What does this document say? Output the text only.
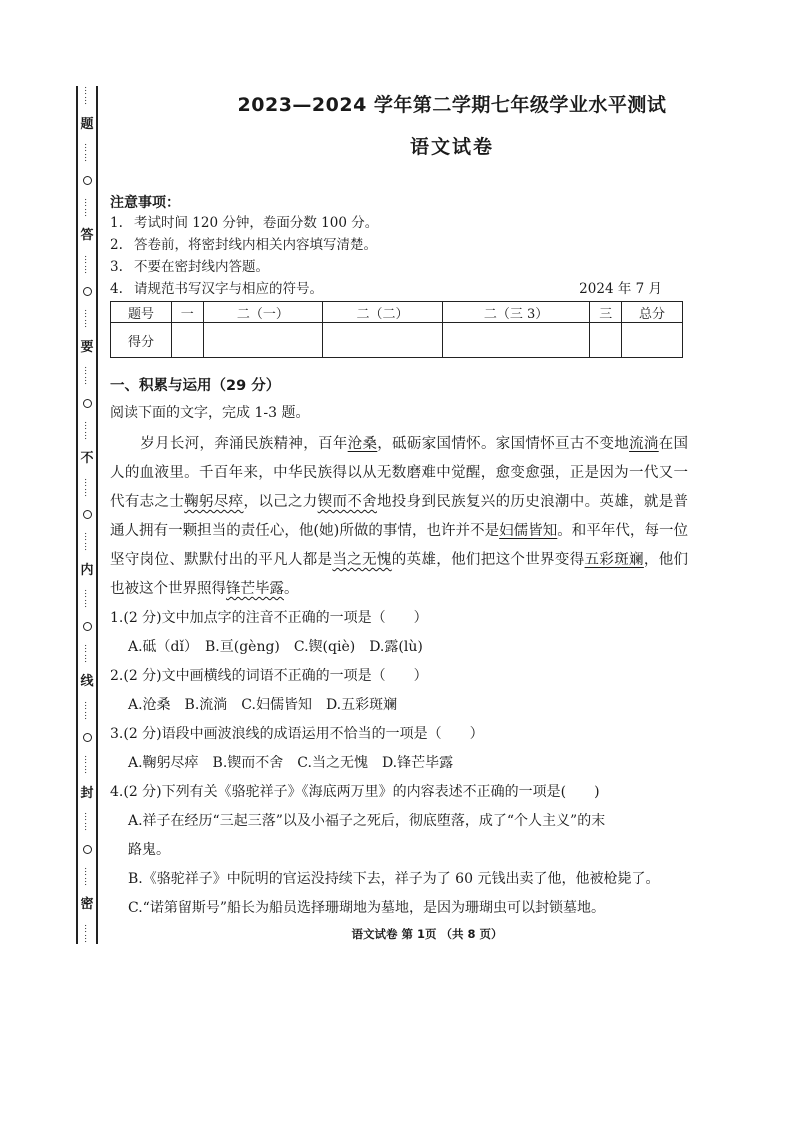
……
题
……
……
答
……
……
要
……
……
不
……
……
内
……
……
线
……
……
封
……
……
密
……
2023—2024 学年第二学期七年级学业水平测试
语文试卷
注意事项：
1. 考试时间 120 分钟，卷面分数 100 分。
2. 答卷前，将密封线内相关内容填写清楚。
3. 不要在密封线内答题。
4. 请规范书写汉字与相应的符号。	2024 年 7 月
题号	一	二（一）	二（二）	二（三 3）	三	总分
得分						
一、积累与运用（29 分）
阅读下面的文字，完成 1-3 题。
岁月长河，奔涌民族精神，百年沧桑，砥砺家国情怀。家国情怀亘古不变地流淌在国人的血液里。千百年来，中华民族得以从无数磨难中觉醒，愈变愈强，正是因为一代又一代有志之士鞠躬尽瘁，以己之力锲而不舍地投身到民族复兴的历史浪潮中。英雄，就是普通人拥有一颗担当的责任心，他(她)所做的事情，也许并不是妇儒皆知。和平年代，每一位坚守岗位、默默付出的平凡人都是当之无愧的英雄，他们把这个世界变得五彩斑斓，他们也被这个世界照得锋芒毕露。

1.(2 分)文中加点字的注音不正确的一项是（　　）

A.砥（dǐ）　B.亘(gèng)　C.锲(qiè)　D.露(lù)

2.(2 分)文中画横线的词语不正确的一项是（　　）

A.沧桑　B.流淌　C.妇儒皆知　D.五彩斑斓

3.(2 分)语段中画波浪线的成语运用不恰当的一项是（　　）

A.鞠躬尽瘁　B.锲而不舍　C.当之无愧　D.锋芒毕露

4.(2 分)下列有关《骆驼祥子》《海底两万里》的内容表述不正确的一项是(　　)

A.祥子在经历“三起三落”以及小福子之死后，彻底堕落，成了“个人主义”的末

路鬼。

B.《骆驼祥子》中阮明的官运没持续下去，祥子为了 60 元钱出卖了他，他被枪毙了。

C.“诺第留斯号”船长为船员选择珊瑚地为墓地，是因为珊瑚虫可以封锁墓地。

语文试卷 第 1页 （共 8 页）
